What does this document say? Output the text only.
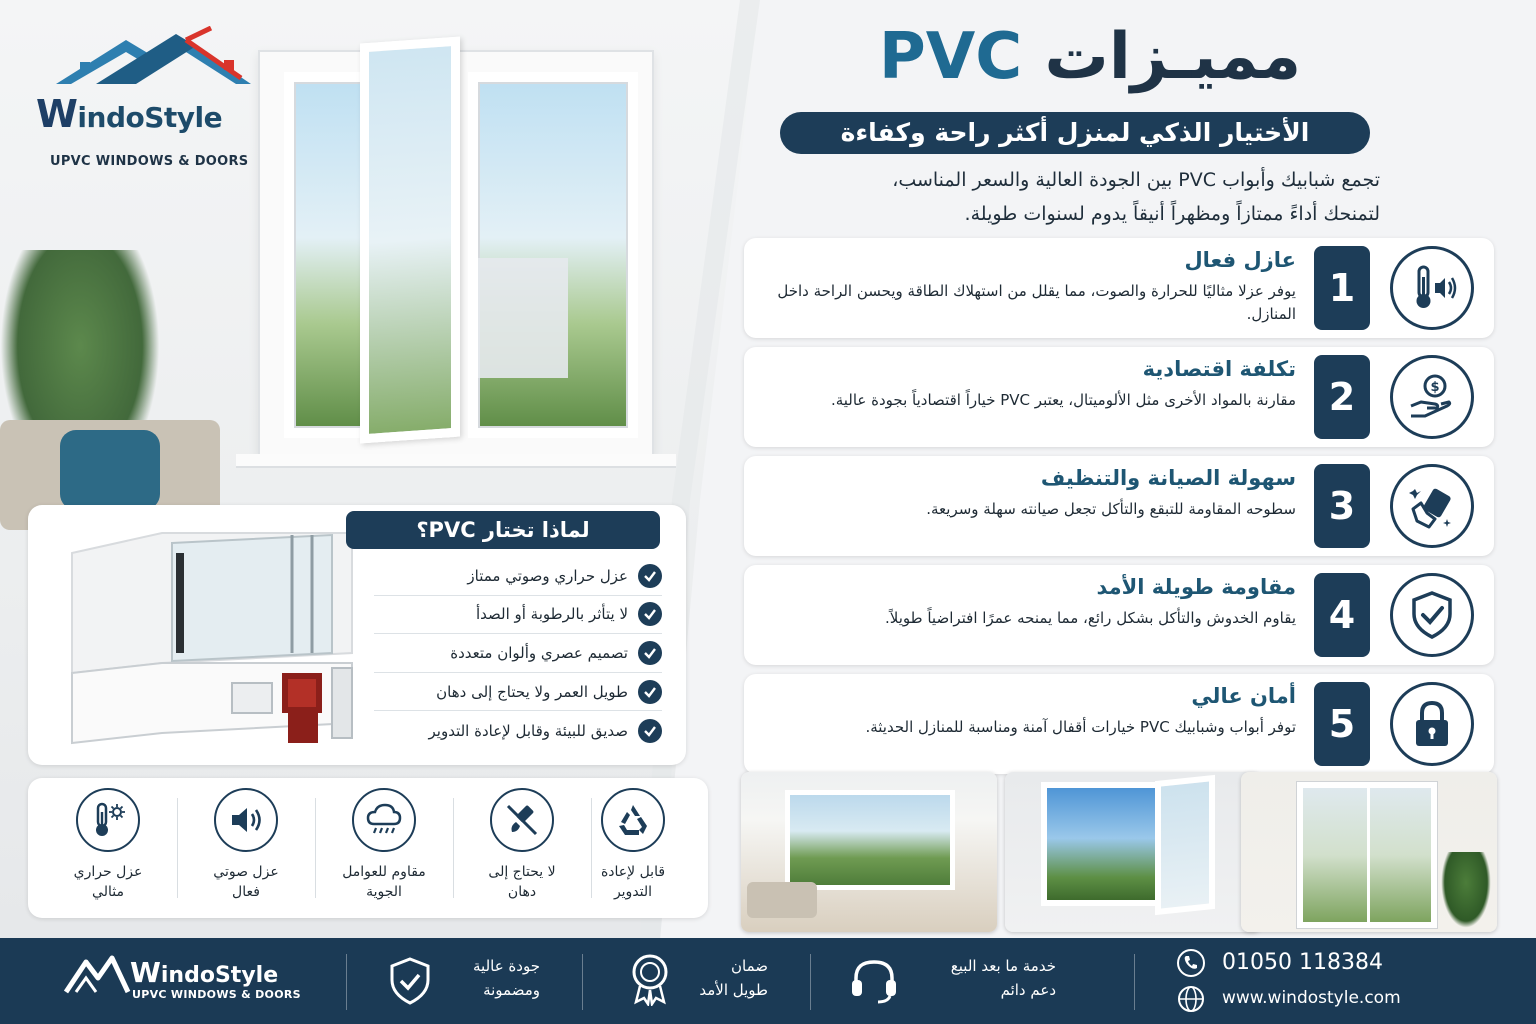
WindoStyle
UPVC WINDOWS & DOORS
مميـزات PVC
الأختيار الذكي لمنزل أكثر راحة وكفاءة
تجمع شبابيك وأبواب PVC بين الجودة العالية والسعر المناسب،
لتمنحك أداءً ممتازاً ومظهراً أنيقاً يدوم لسنوات طويلة.
1
عازل فعال
يوفر عزلا مثاليًا للحرارة والصوت، مما يقلل من استهلاك الطاقة ويحسن الراحة داخل المنازل.
$
2
تكلفة اقتصادية
مقارنة بالمواد الأخرى مثل الألوميتال، يعتبر PVC خياراً اقتصادياً بجودة عالية.
3
سهولة الصيانة والتنظيف
سطوحه المقاومة للتبقع والتأكل تجعل صيانته سهلة وسريعة.
4
مقاومة طويلة الأمد
يقاوم الخدوش والتأكل بشكل رائع، مما يمنحه عمرًا افتراضياً طويلاً.
5
أمان عالي
توفر أبواب وشبابيك PVC خيارات أقفال آمنة ومناسبة للمنازل الحديثة.
لماذا تختار PVC؟
عزل حراري وصوتي ممتاز
لا يتأثر بالرطوبة أو الصدأ
تصميم عصري وألوان متعددة
طويل العمر ولا يحتاج إلى دهان
صديق للبيئة وقابل لإعادة التدوير
عزل حراري
مثالي
عزل صوتي
فعال
مقاوم للعوامل
الجوية
لا يحتاج إلى
دهان
قابل لإعادة
التدوير
WindoStyle
UPVC WINDOWS & DOORS
جودة عالية
ومضمونة
ضمان
طويل الأمد
خدمة ما بعد البيع
دعم دائم
01050 118384
www.windostyle.com
